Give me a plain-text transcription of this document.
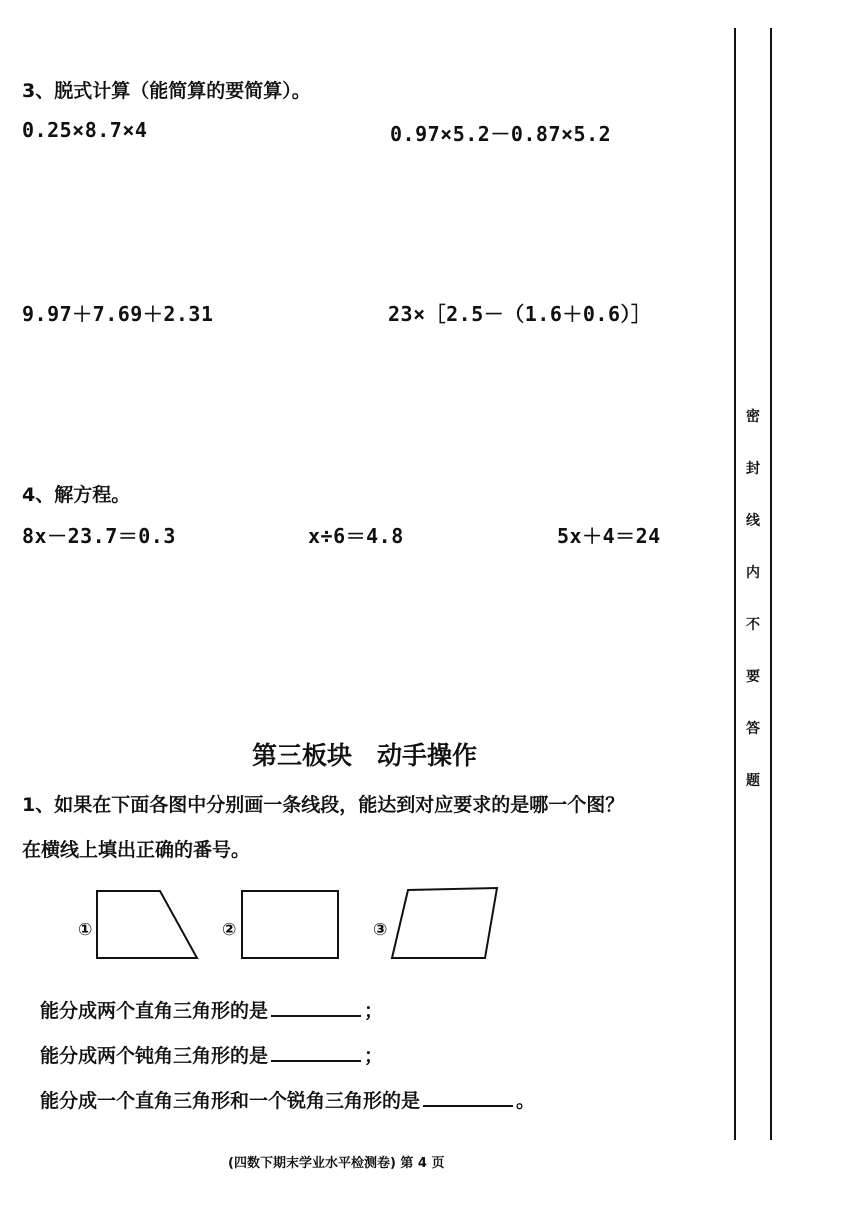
3、脱式计算（能简算的要简算）。
0.25×8.7×4	0.97×5.2－0.87×5.2
9.97＋7.69＋2.31	23×［2.5－（1.6＋0.6）］
4、解方程。
8x－23.7＝0.3	x÷6＝4.8	5x＋4＝24
第三板块　动手操作
1、如果在下面各图中分别画一条线段，能达到对应要求的是哪一个图？
在横线上填出正确的番号。
①	②	③
能分成两个直角三角形的是	；
能分成两个钝角三角形的是	；
能分成一个直角三角形和一个锐角三角形的是	。
(四数下期末学业水平检测卷) 第 4 页
密
封
线
内
不
要
答
题
